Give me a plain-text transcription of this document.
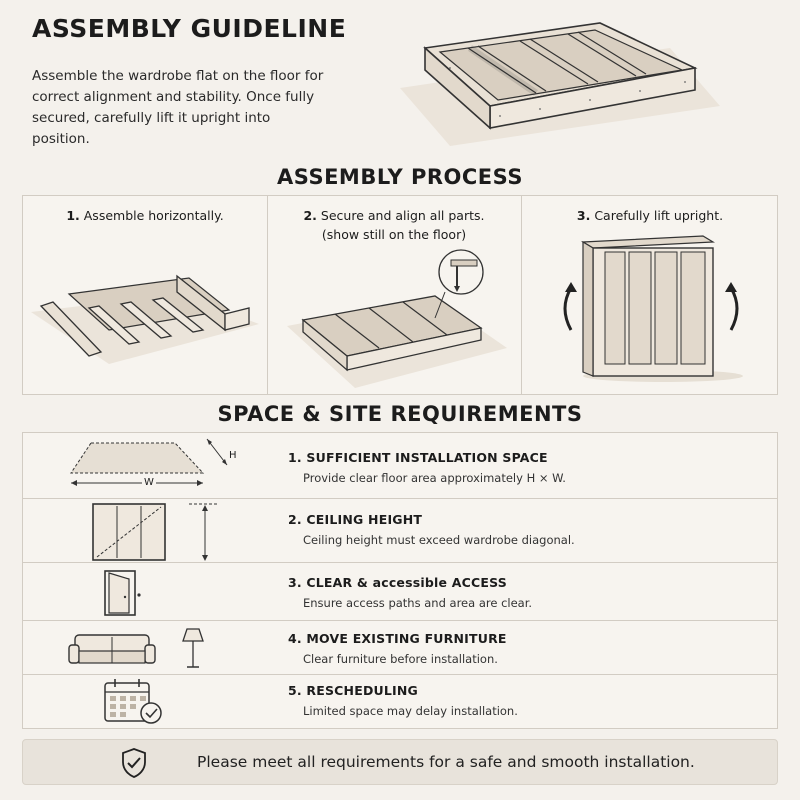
ASSEMBLY GUIDELINE
Assemble the wardrobe flat on the floor for correct alignment and stability. Once fully secured, carefully lift it upright into position.
ASSEMBLY PROCESS
1. Assemble horizontally.	2. Secure and align all parts.
(show still on the floor)
3. Carefully lift upright.
SPACE & SITE REQUIREMENTS
H
W
1. SUFFICIENT INSTALLATION SPACE
Provide clear floor area approximately H × W.
2. CEILING HEIGHT
Ceiling height must exceed wardrobe diagonal.
3. CLEAR & accessible ACCESS
Ensure access paths and area are clear.
4. MOVE EXISTING FURNITURE
Clear furniture before installation.
5. RESCHEDULING
Limited space may delay installation.
Please meet all requirements for a safe and smooth installation.
